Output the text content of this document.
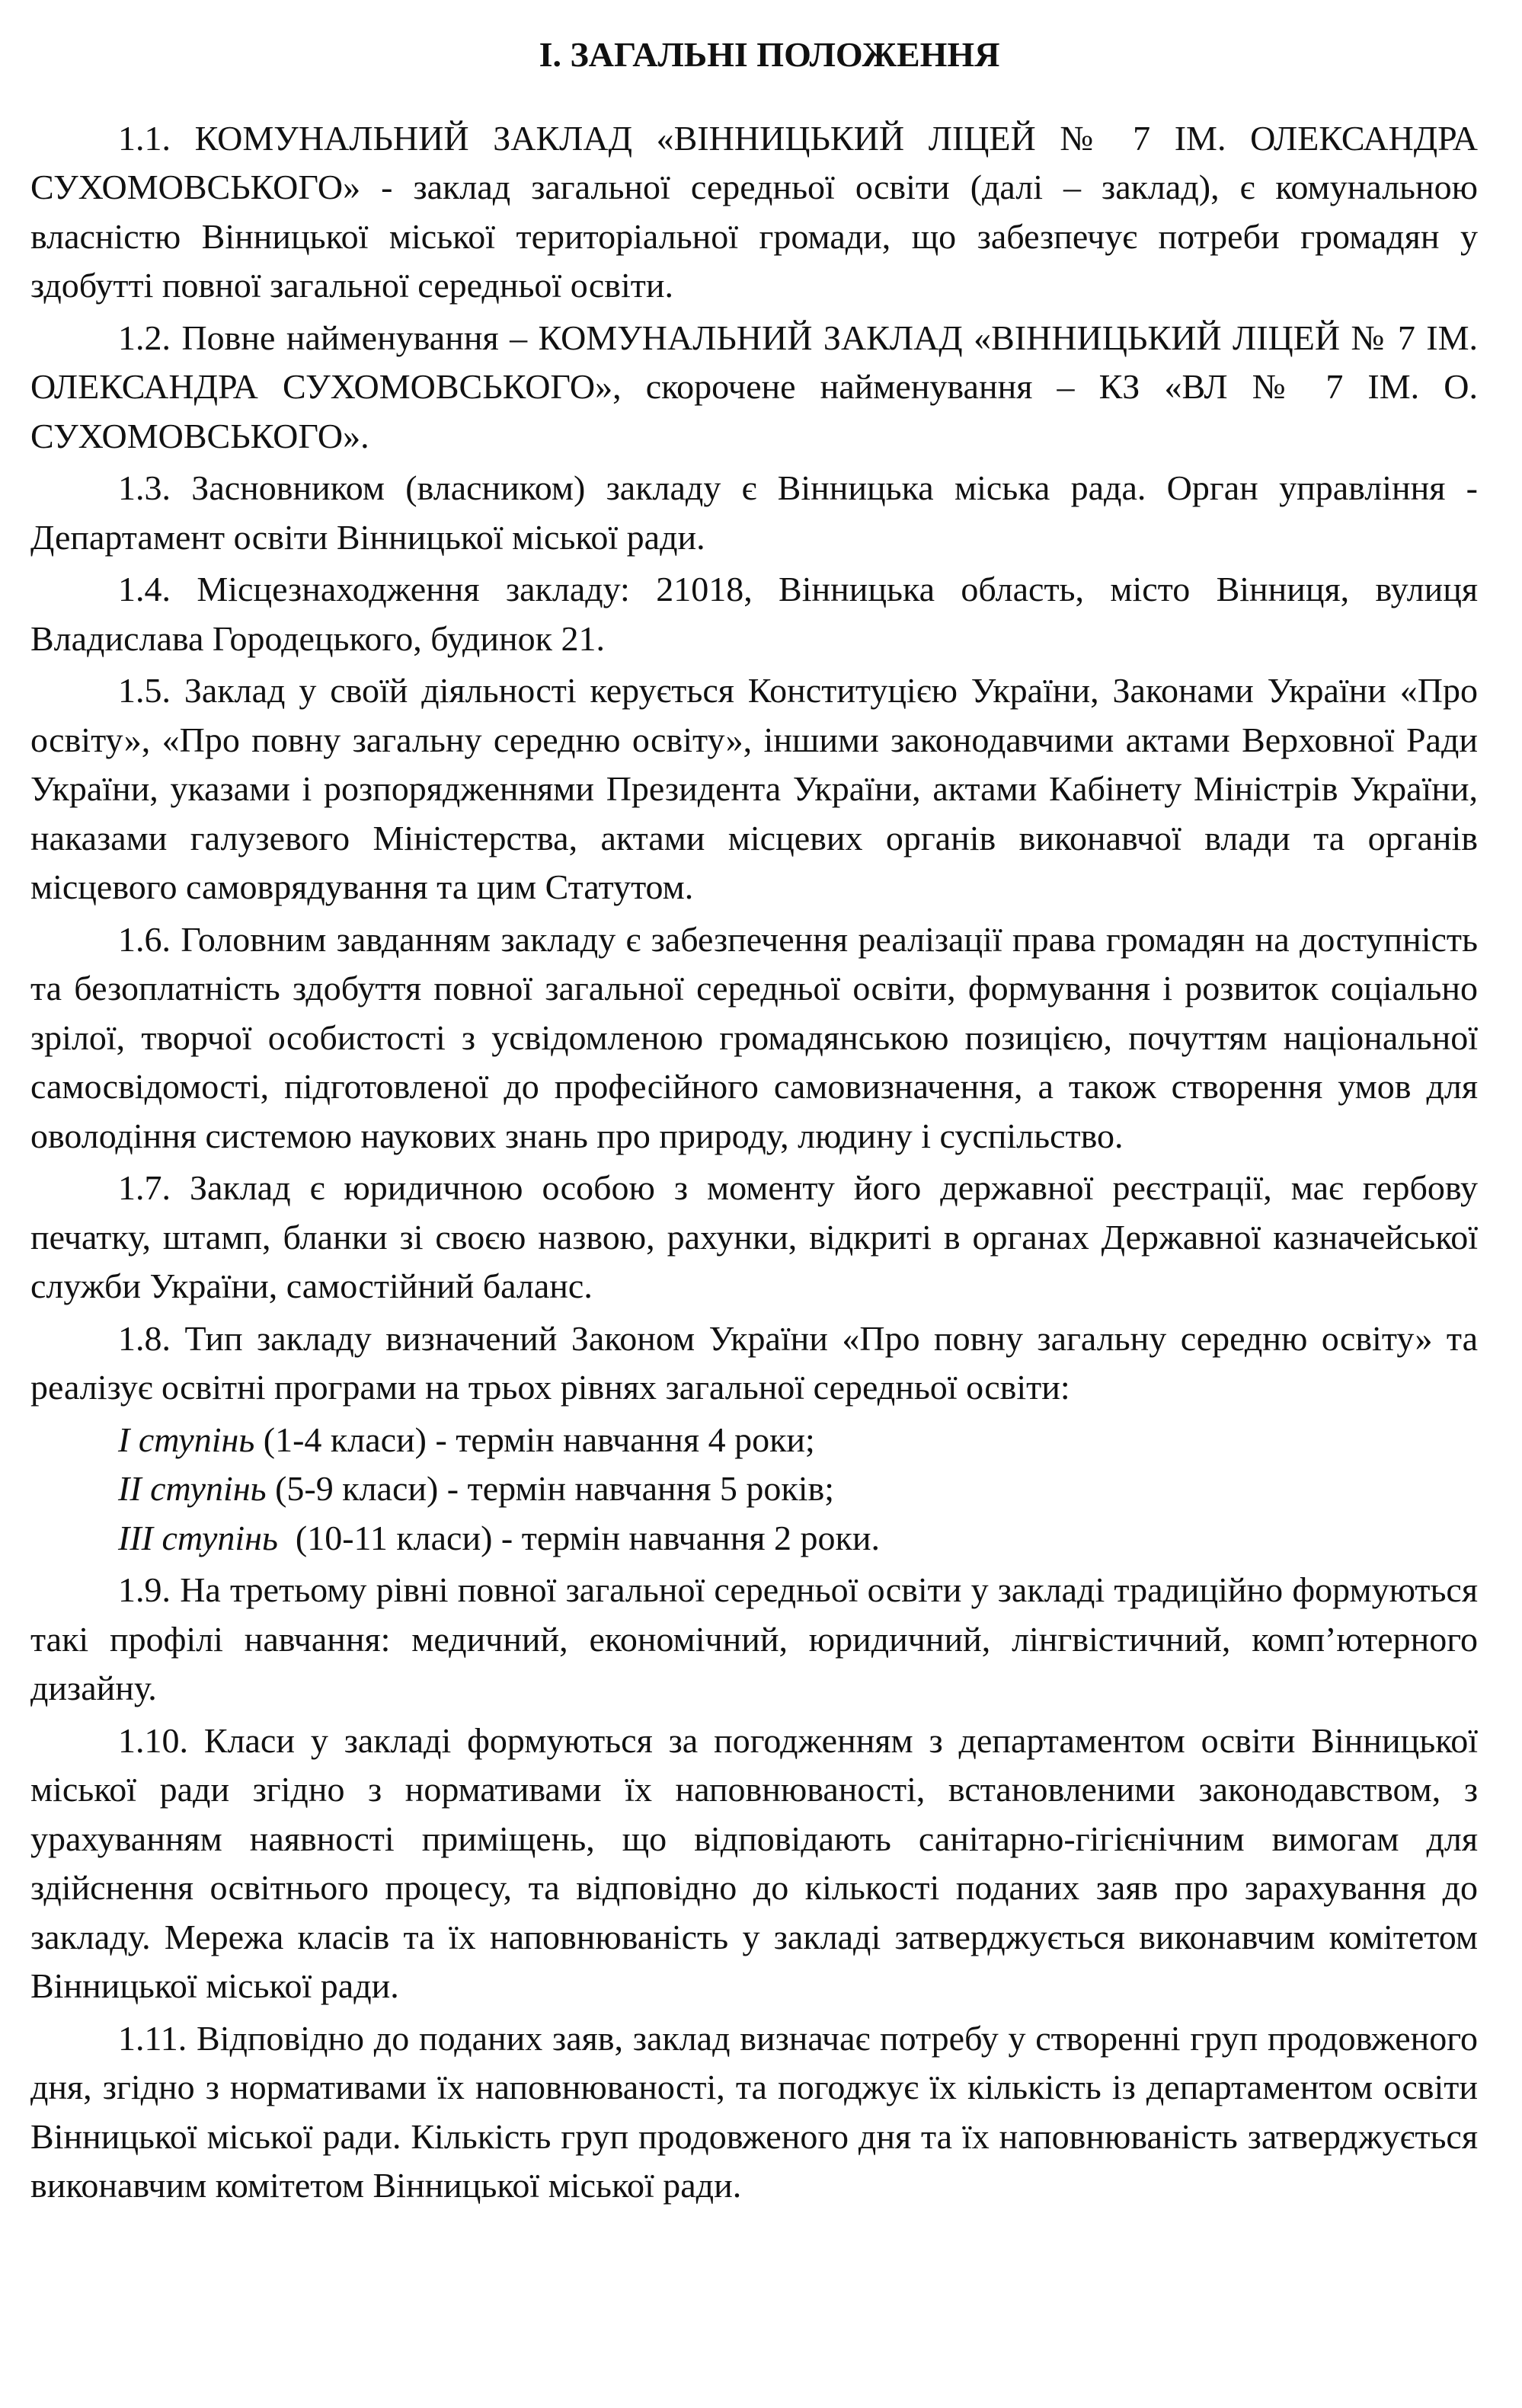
І. ЗАГАЛЬНІ ПОЛОЖЕННЯ

1.1. КОМУНАЛЬНИЙ ЗАКЛАД «ВІННИЦЬКИЙ ЛІЦЕЙ № 7 ІМ. ОЛЕКСАНДРА СУХОМОВСЬКОГО» - заклад загальної середньої освіти (далі – заклад), є комунальною власністю Вінницької міської територіальної громади, що забезпечує потреби громадян у здобутті повної загальної середньої освіти.

1.2. Повне найменування – КОМУНАЛЬНИЙ ЗАКЛАД «ВІННИЦЬКИЙ ЛІЦЕЙ № 7 ІМ. ОЛЕКСАНДРА СУХОМОВСЬКОГО», скорочене найменування – КЗ «ВЛ № 7 ІМ. О. СУХОМОВСЬКОГО».

1.3. Засновником (власником) закладу є Вінницька міська рада. Орган управління - Департамент освіти Вінницької міської ради.

1.4. Місцезнаходження закладу: 21018, Вінницька область, місто Вінниця, вулиця Владислава Городецького, будинок 21.

1.5. Заклад у своїй діяльності керується Конституцією України, Законами України «Про освіту», «Про повну загальну середню освіту», іншими законодавчими актами Верховної Ради України, указами і розпорядженнями Президента України, актами Кабінету Міністрів України, наказами галузевого Міністерства, актами місцевих органів виконавчої влади та органів місцевого самоврядування та цим Статутом.

1.6. Головним завданням закладу є забезпечення реалізації права громадян на доступність та безоплатність здобуття повної загальної середньої освіти, формування і розвиток соціально зрілої, творчої особистості з усвідомленою громадянською позицією, почуттям національної самосвідомості, підготовленої до професійного самовизначення, а також створення умов для оволодіння системою наукових знань про природу, людину і суспільство.

1.7. Заклад є юридичною особою з моменту його державної реєстрації, має гербову печатку, штамп, бланки зі своєю назвою, рахунки, відкриті в органах Державної казначейської служби України, самостійний баланс.

1.8. Тип закладу визначений Законом України «Про повну загальну середню освіту» та реалізує освітні програми на трьох рівнях загальної середньої освіти:

І ступінь (1-4 класи) - термін навчання 4 роки;

ІІ ступінь (5-9 класи) - термін навчання 5 років;

ІІІ ступінь  (10-11 класи) - термін навчання 2 роки.

1.9. На третьому рівні повної загальної середньої освіти у закладі традиційно формуються такі профілі навчання: медичний, економічний, юридичний, лінгвістичний, комп’ютерного дизайну.

1.10. Класи у закладі формуються за погодженням з департаментом освіти Вінницької міської ради згідно з нормативами їх наповнюваності, встановленими законодавством, з урахуванням наявності приміщень, що відповідають санітарно-гігієнічним вимогам для здійснення освітнього процесу, та відповідно до кількості поданих заяв про зарахування до закладу. Мережа класів та їх наповнюваність у закладі затверджується виконавчим комітетом Вінницької міської ради.

1.11. Відповідно до поданих заяв, заклад визначає потребу у створенні груп продовженого дня, згідно з нормативами їх наповнюваності, та погоджує їх кількість із департаментом освіти Вінницької міської ради. Кількість груп продовженого дня та їх наповнюваність затверджується виконавчим комітетом Вінницької міської ради.
